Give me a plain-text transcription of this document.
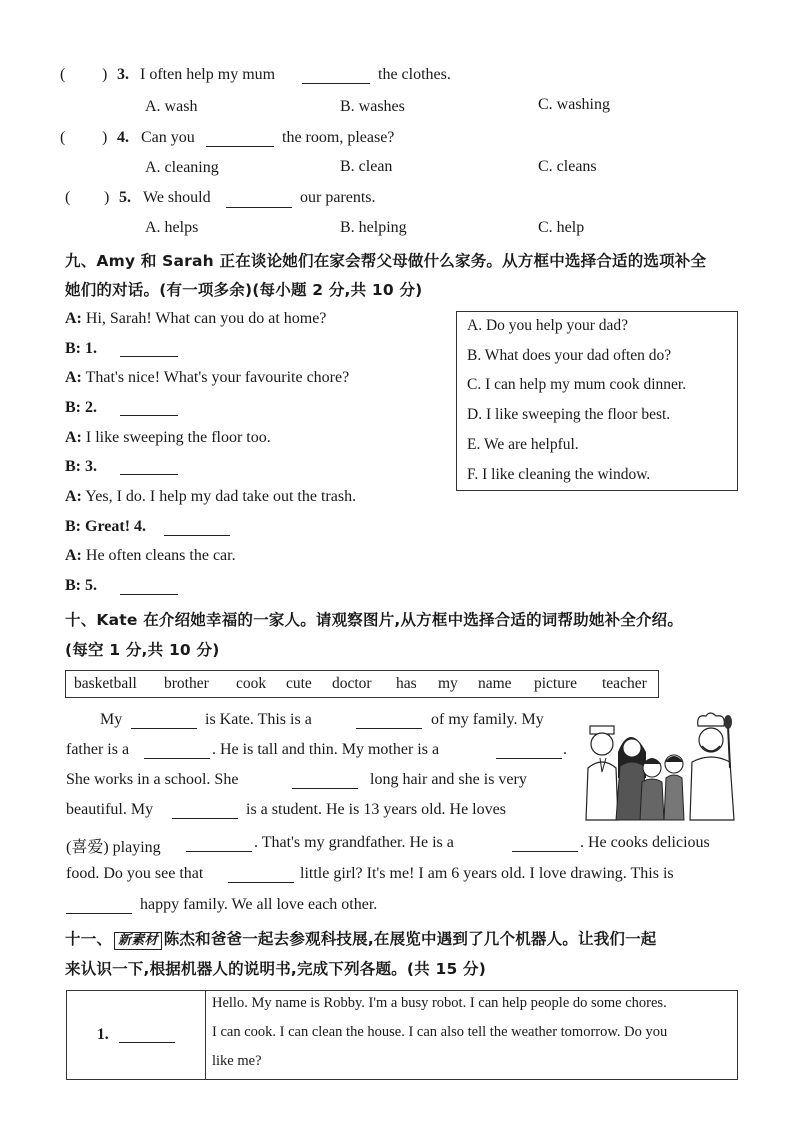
( ) 3. I often help my mum	the clothes.
A. wash	B. washes	C. washing
( ) 4. Can you	the room, please?
A. cleaning	B. clean	C. cleans
( ) 5. We should	our parents.
A. helps	B. helping	C. help
九、Amy 和 Sarah 正在谈论她们在家会帮父母做什么家务。从方框中选择合适的选项补全
她们的对话。(有一项多余)(每小题 2 分,共 10 分)
A: Hi, Sarah! What can you do at home?
B: 1.
A: That's nice! What's your favourite chore?
B: 2.
A: I like sweeping the floor too.
B: 3.
A: Yes, I do. I help my dad take out the trash.
B: Great! 4.
A: He often cleans the car.
B: 5.
A. Do you help your dad?
B. What does your dad often do?
C. I can help my mum cook dinner.
D. I like sweeping the floor best.
E. We are helpful.
F. I like cleaning the window.
十、Kate 在介绍她幸福的一家人。请观察图片,从方框中选择合适的词帮助她补全介绍。
(每空 1 分,共 10 分)
basketball brother cook cute doctor has my name picture teacher
My	is Kate. This is a	of my family. My
father is a	. He is tall and thin. My mother is a	.
She works in a school. She	long hair and she is very
beautiful. My	is a student. He is 13 years old. He loves
(喜爱) playing	. That's my grandfather. He is a	. He cooks delicious
food. Do you see that	little girl? It's me! I am 6 years old. I love drawing. This is
happy family. We all love each other.
十一、 新素材 陈杰和爸爸一起去参观科技展,在展览中遇到了几个机器人。让我们一起
来认识一下,根据机器人的说明书,完成下列各题。(共 15 分)
1.
Hello. My name is Robby. I'm a busy robot. I can help people do some chores.
I can cook. I can clean the house. I can also tell the weather tomorrow. Do you
like me?
